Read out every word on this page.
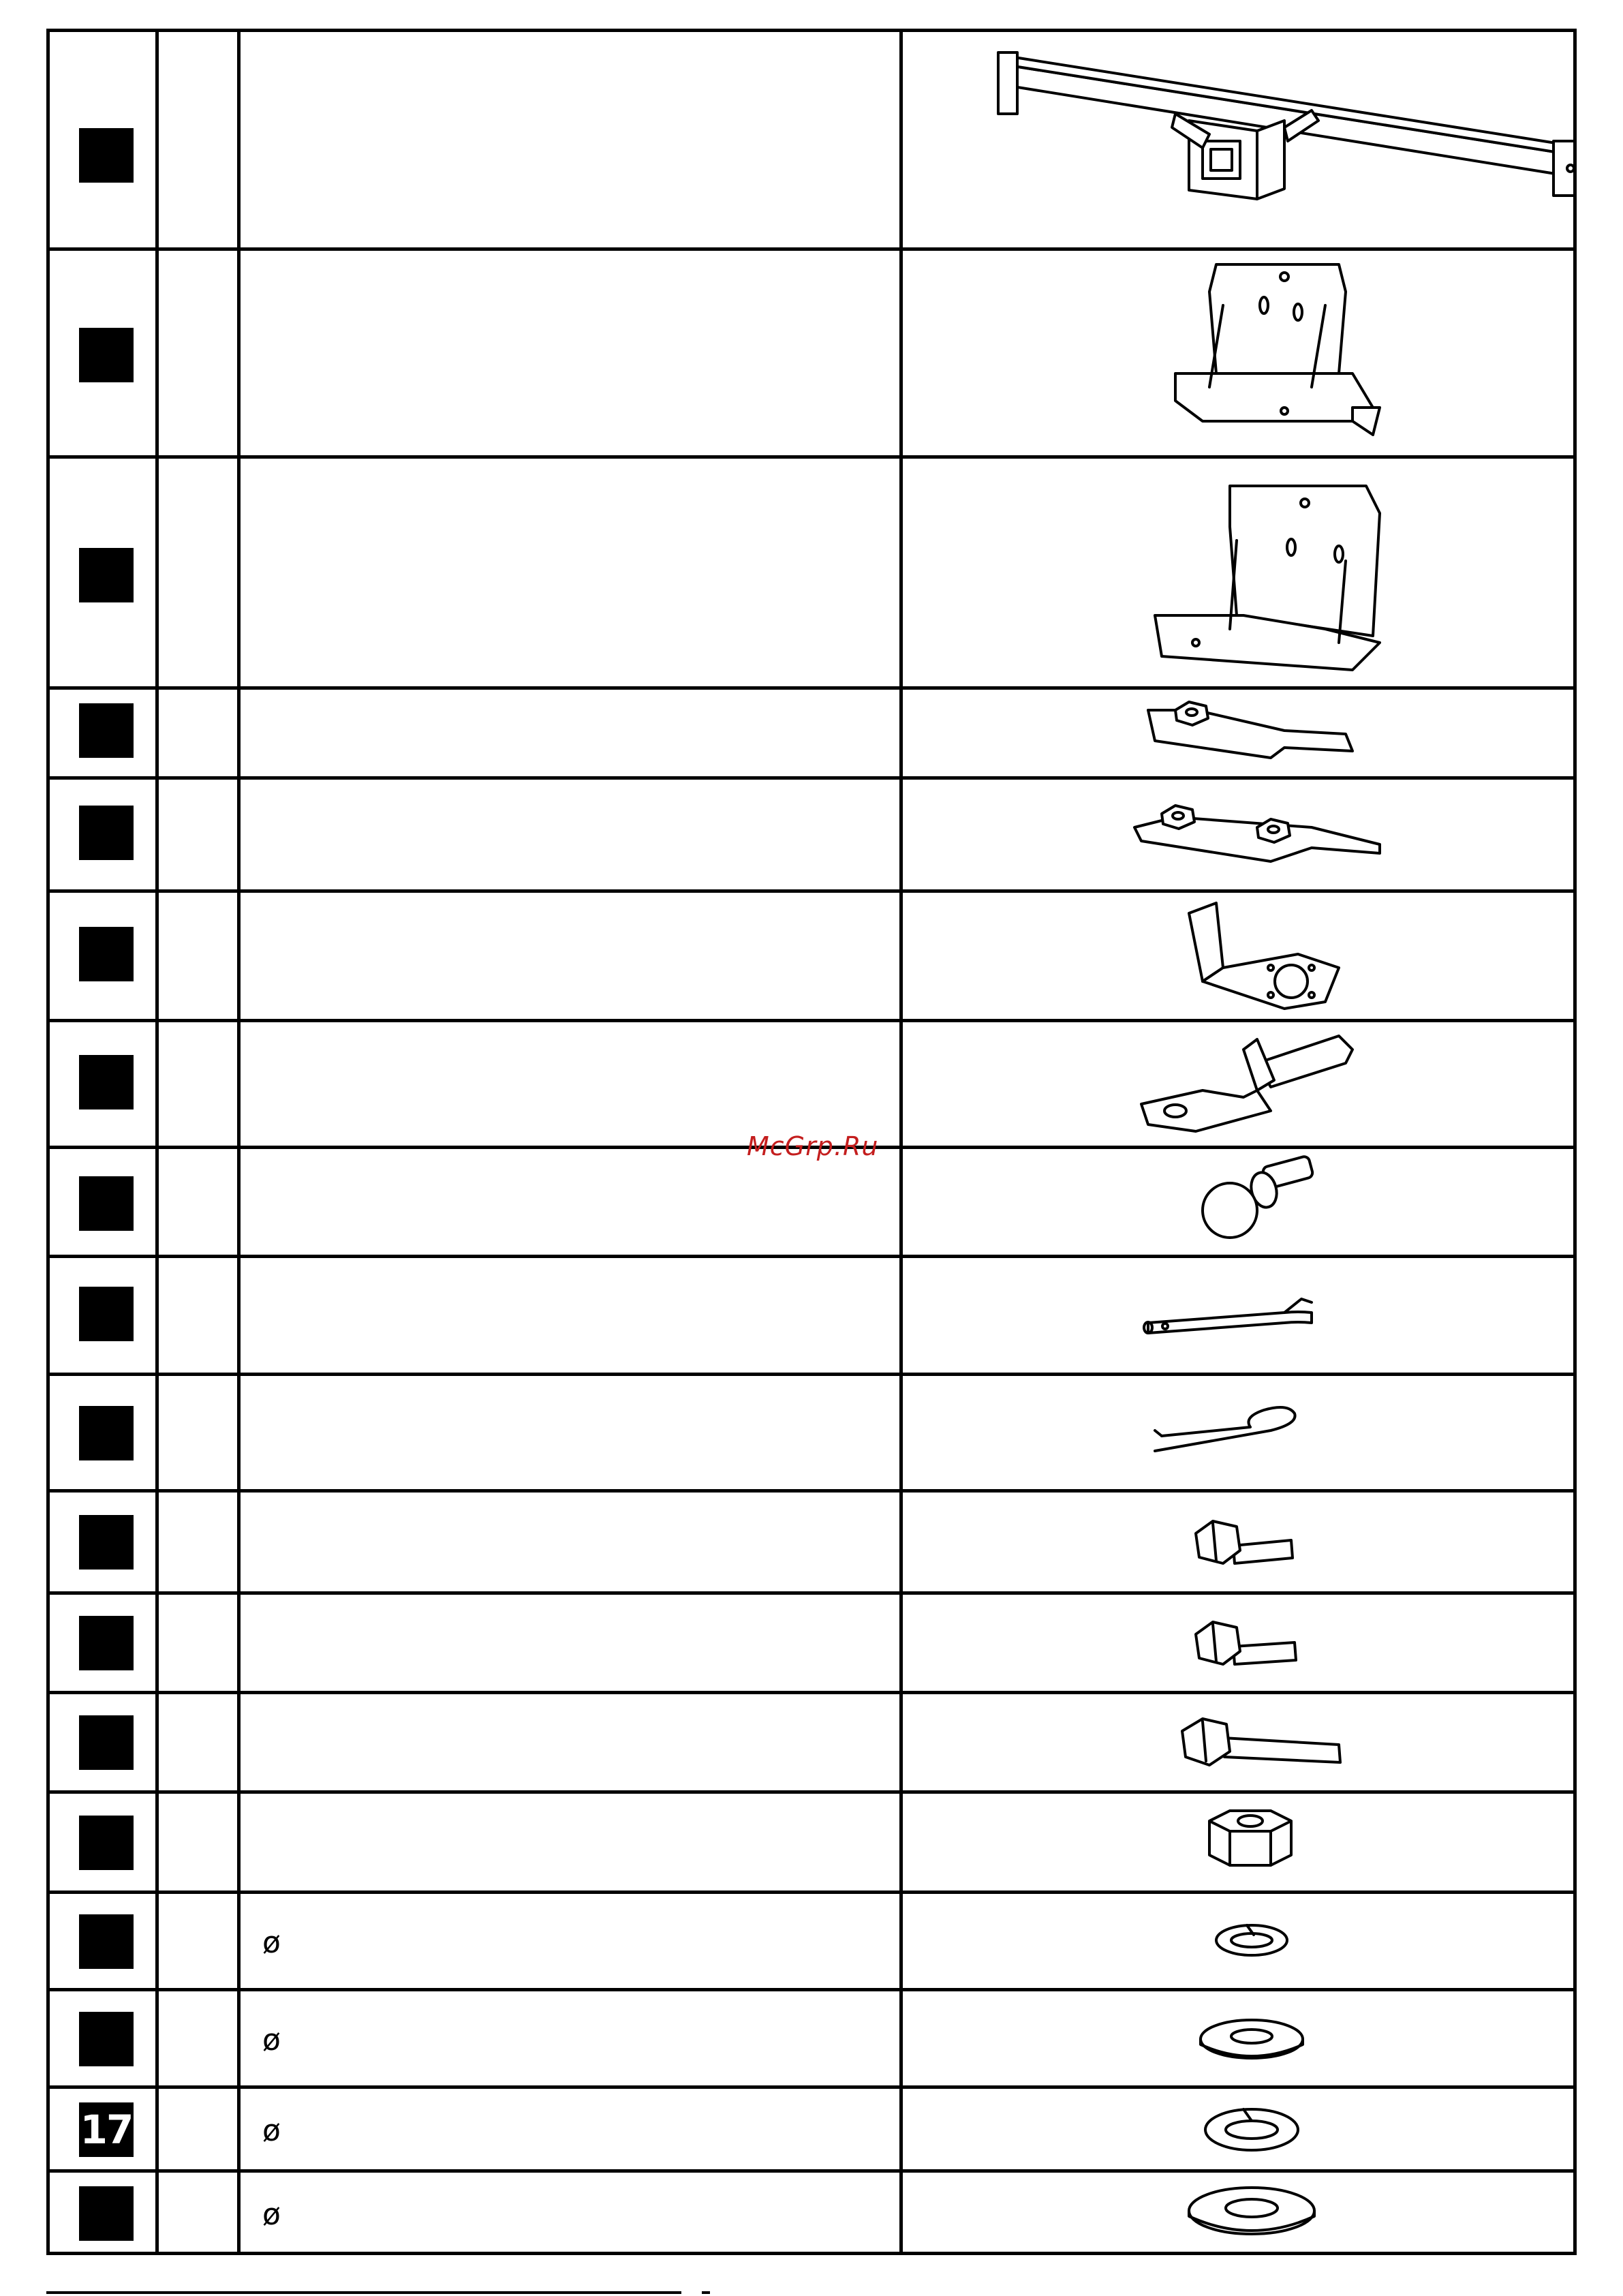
ø
ø
17	ø
ø
McGrp.Ru
